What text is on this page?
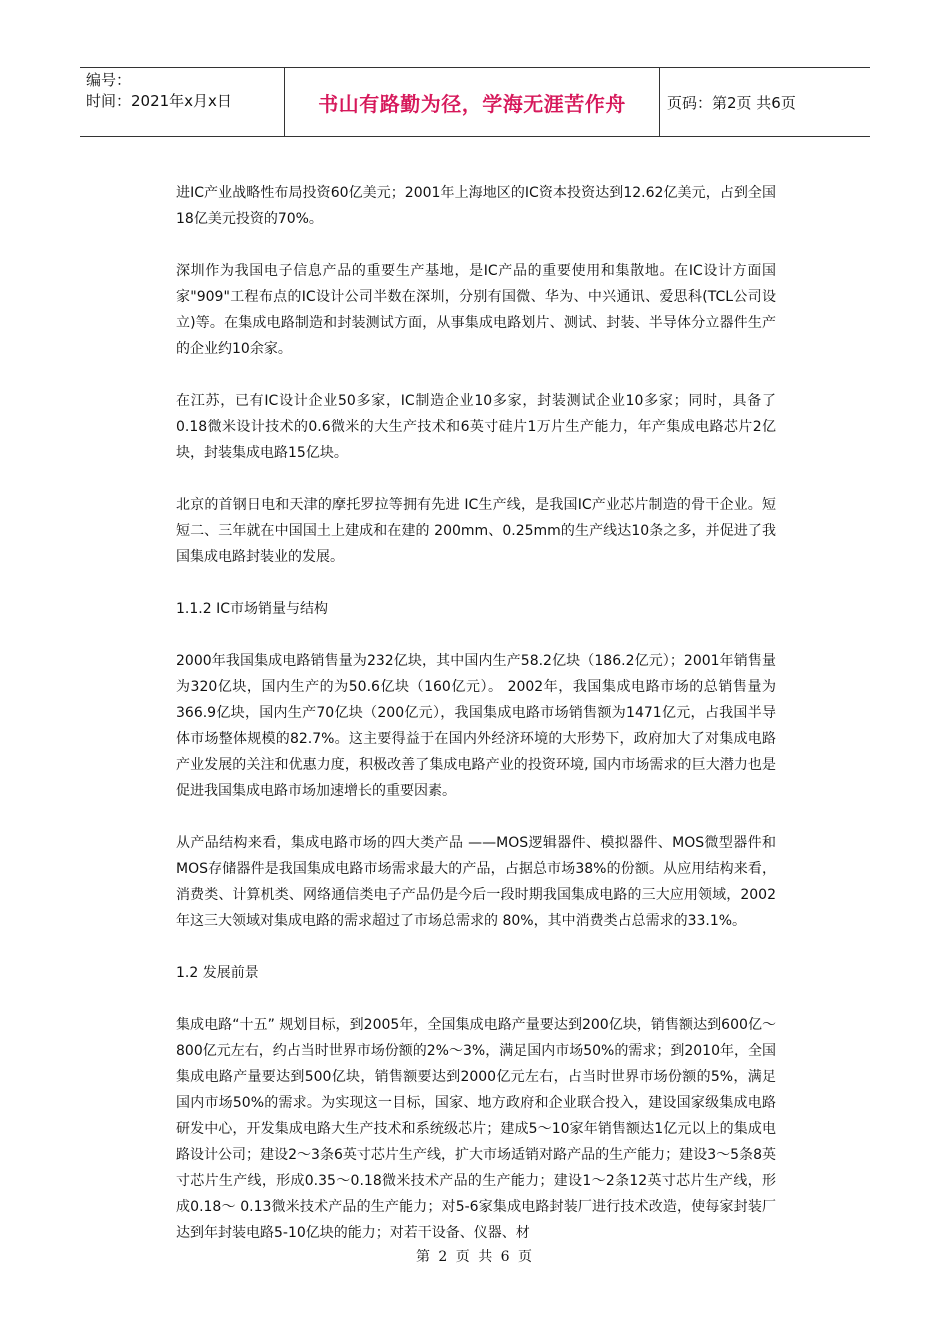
编号：
时间：2021年x月x日	书山有路勤为径，学海无涯苦作舟	页码：第2页 共6页

进IC产业战略性布局投资60亿美元；2001年上海地区的IC资本投资达到12.62亿美元，占到全国18亿美元投资的70%。

深圳作为我国电子信息产品的重要生产基地，是IC产品的重要使用和集散地。在IC设计方面国家"909"工程布点的IC设计公司半数在深圳，分别有国微、华为、中兴通讯、爱思科(TCL公司设立)等。在集成电路制造和封装测试方面，从事集成电路划片、测试、封装、半导体分立器件生产的企业约10余家。

在江苏，已有IC设计企业50多家，IC制造企业10多家，封装测试企业10多家；同时，具备了0.18微米设计技术的0.6微米的大生产技术和6英寸硅片1万片生产能力，年产集成电路芯片2亿块，封装集成电路15亿块。

北京的首钢日电和天津的摩托罗拉等拥有先进 IC生产线，是我国IC产业芯片制造的骨干企业。短短二、三年就在中国国土上建成和在建的 200mm、0.25mm的生产线达10条之多，并促进了我国集成电路封装业的发展。

1.1.2 IC市场销量与结构

2000年我国集成电路销售量为232亿块，其中国内生产58.2亿块（186.2亿元）；2001年销售量为320亿块，国内生产的为50.6亿块（160亿元）。 2002年，我国集成电路市场的总销售量为366.9亿块，国内生产70亿块（200亿元），我国集成电路市场销售额为1471亿元，占我国半导体市场整体规模的82.7%。这主要得益于在国内外经济环境的大形势下，政府加大了对集成电路产业发展的关注和优惠力度，积极改善了集成电路产业的投资环境, 国内市场需求的巨大潜力也是促进我国集成电路市场加速增长的重要因素。

从产品结构来看，集成电路市场的四大类产品 ——MOS逻辑器件、模拟器件、MOS微型器件和MOS存储器件是我国集成电路市场需求最大的产品，占据总市场38%的份额。从应用结构来看，消费类、计算机类、网络通信类电子产品仍是今后一段时期我国集成电路的三大应用领域，2002年这三大领域对集成电路的需求超过了市场总需求的 80%，其中消费类占总需求的33.1%。

1.2 发展前景

集成电路“十五” 规划目标，到2005年，全国集成电路产量要达到200亿块，销售额达到600亿～800亿元左右，约占当时世界市场份额的2%～3%，满足国内市场50%的需求；到2010年，全国集成电路产量要达到500亿块，销售额要达到2000亿元左右，占当时世界市场份额的5%，满足国内市场50%的需求。为实现这一目标，国家、地方政府和企业联合投入，建设国家级集成电路研发中心，开发集成电路大生产技术和系统级芯片；建成5～10家年销售额达1亿元以上的集成电路设计公司；建设2～3条6英寸芯片生产线，扩大市场适销对路产品的生产能力；建设3～5条8英寸芯片生产线，形成0.35～0.18微米技术产品的生产能力；建设1～2条12英寸芯片生产线，形成0.18～ 0.13微米技术产品的生产能力；对5-6家集成电路封装厂进行技术改造，使每家封装厂达到年封装电路5-10亿块的能力；对若干设备、仪器、材

第 2 页 共 6 页
